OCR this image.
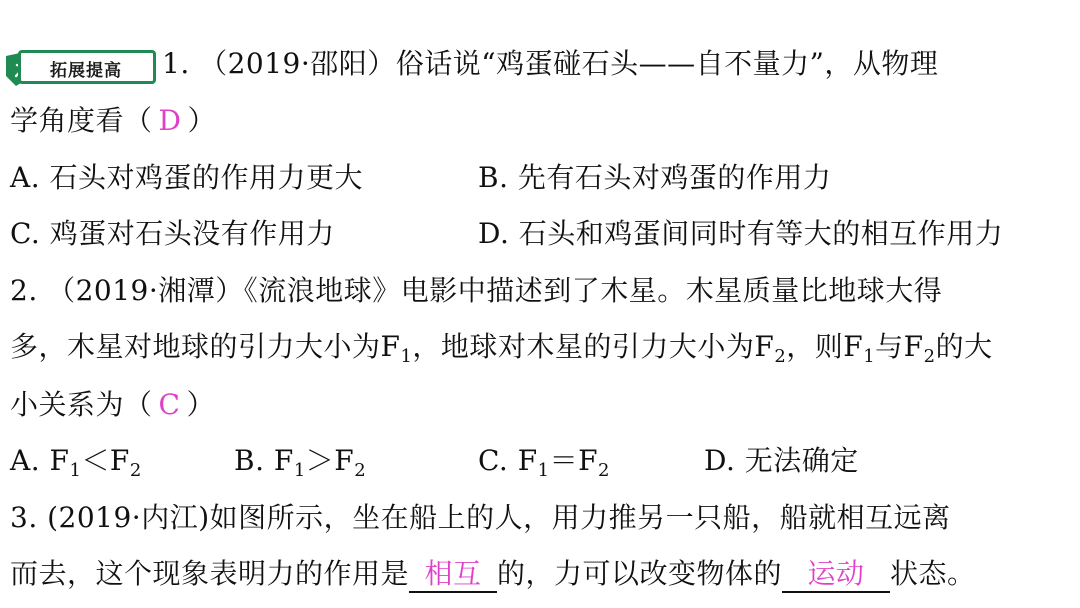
拓展提高 1. （2019·邵阳）俗话说“鸡蛋碰石头——自不量力”，从物理
学角度看（ D ）
A. 石头对鸡蛋的作用力更大	B. 先有石头对鸡蛋的作用力
C. 鸡蛋对石头没有作用力	D. 石头和鸡蛋间同时有等大的相互作用力
2. （2019·湘潭）《流浪地球》电影中描述到了木星。木星质量比地球大得
多，木星对地球的引力大小为$F_1$，地球对木星的引力大小为$F_2$，则$F_1$与$F_2$的大
小关系为（ C ）
A. $F_1<F_2$	B. $F_1>F_2$	C. $F_1=F_2$	D. 无法确定
3. (2019·内江)如图所示，坐在船上的人，用力推另一只船，船就相互远离
而去，这个现象表明力的作用是 相互 的，力可以改变物体的 运动 状态。
